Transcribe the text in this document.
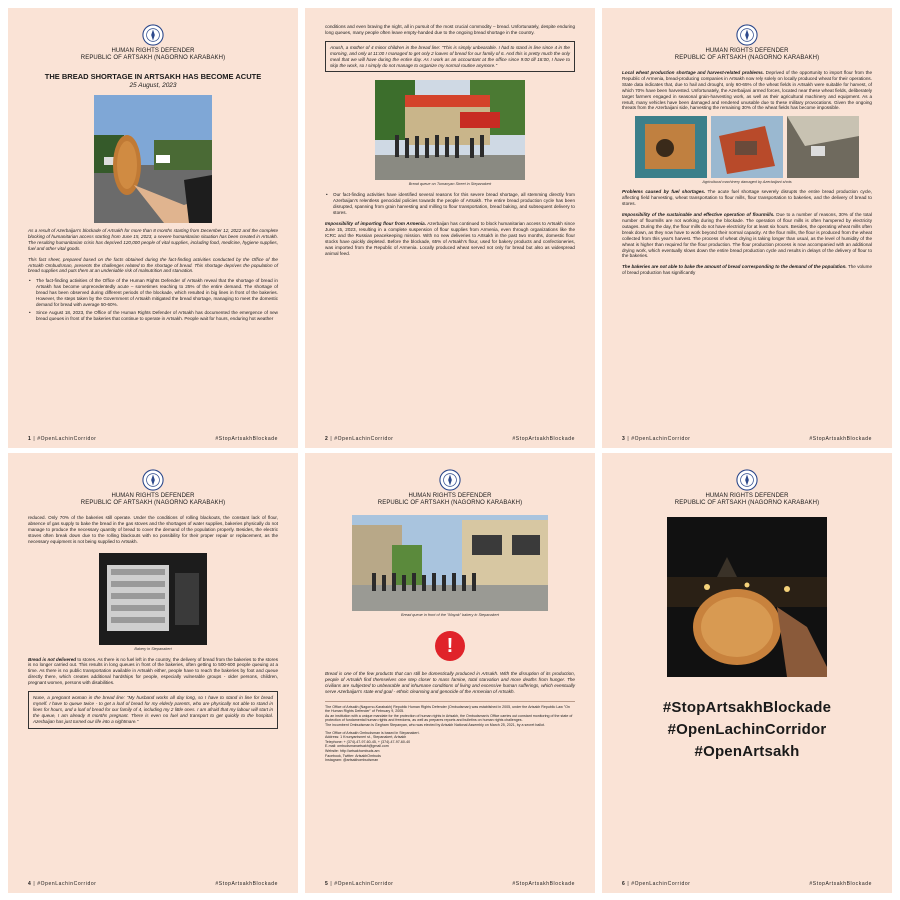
HUMAN RIGHTS DEFENDER
REPUBLIC OF ARTSAKH (NAGORNO KARABAKH)
THE BREAD SHORTAGE IN ARTSAKH HAS BECOME ACUTE
25 August, 2023
As a result of Azerbaijan's blockade of Artsakh for more than 8 months starting from December 12, 2022 and the complete blocking of humanitarian access starting from June 15, 2023, a severe humanitarian situation has been created in Artsakh. The resulting humanitarian crisis has deprived 120,000 people of vital supplies, including food, medicine, hygiene supplies, fuel and other vital goods.
This fact sheet, prepared based on the facts obtained during the fact-finding activities conducted by the Office of the Artsakh Ombudsman, presents the challenges related to the shortage of bread. This shortage deprives the population of bread supplies and puts them at an undeniable risk of malnutrition and starvation.
• The fact-finding activities of the Office of the Human Rights Defender of Artsakh reveal that the shortage of bread in Artsakh has become unprecedentedly acute – sometimes reaching to 25% of the entire demand. The shortage of bread has been observed during different periods of the blockade, which resulted in big lines in front of the bakeries. However, the steps taken by the Government of Artsakh mitigated the bread shortage, managing to meet the domestic demand for bread with average 50-60%.
• Since August 18, 2023, the Office of the Human Rights Defender of Artsakh has documented the emergence of new bread queues in front of the bakeries that continue to operate in Artsakh. People wait for hours, enduring hot weather
1 | #OpenLachinCorridor	#StopArtsakhBlockade
conditions and even braving the night, all in pursuit of the most crucial commodity – bread. Unfortunately, despite enduring long queues, many people often leave empty-handed due to the ongoing bread shortage in the country.
Anush, a mother of 4 minor children in the bread line: "This is simply unbearable. I had to stand in line since 4 in the morning, and only at 11:00 I managed to get only 2 loaves of bread for our family of 6. And this is pretty much the only meal that we will have during the entire day. As I work as an accountant at the office since 9:00 till 18:00, I have to skip the work, so I simply do not manage to organize my normal routine anymore."
Bread queue on Tumanyan Street in Stepanakert
• Our fact-finding activities have identified several reasons for this severe bread shortage, all stemming directly from Azerbaijan's relentless genocidal policies towards the people of Artsakh. The entire bread production cycle has been disrupted, spanning from grain harvesting and milling to flour transportation, bread baking, and subsequent delivery to stores.
Impossibility of importing flour from Armenia. Azerbaijan has continued to block humanitarian access to Artsakh since June 15, 2023, resulting in a complete suspension of flour supplies from Armenia, even through organizations like the ICRC and the Russian peacekeeping mission. With no new deliveries to Artsakh in the past two months, domestic flour stocks have quickly depleted. Before the blockade, 65% of Artsakh's flour, used for bakery products and confectioneries, was imported from the Republic of Armenia. Locally produced wheat served not only for bread but also as widespread animal feed.
2 | #OpenLachinCorridor	#StopArtsakhBlockade
HUMAN RIGHTS DEFENDER
REPUBLIC OF ARTSAKH (NAGORNO KARABAKH)
Local wheat production shortage and harvest-related problems. Deprived of the opportunity to import flour from the Republic of Armenia, bread-producing companies in Artsakh now rely solely on locally produced wheat for their operations. State data indicates that, due to hail and drought, only 60-65% of the wheat fields in Artsakh were suitable for harvest, of which 70% have been harvested. Unfortunately, the Azerbaijani armed forces, located near these wheat fields, deliberately target farmers engaged in seasonal grain-harvesting work, as well as their agricultural machinery and equipment. As a result, many vehicles have been damaged and rendered unusable due to these military provocations. Given the ongoing threats from the Azerbaijani side, harvesting the remaining 30% of the wheat fields has become impossible.
Agricultural machinery damaged by Azerbaijani shots
Problems caused by fuel shortages. The acute fuel shortage severely disrupts the entire bread production cycle, affecting field harvesting, wheat transportation to flour mills, flour transportation to bakeries, and the delivery of bread to stores.
Impossibility of the sustainable and effective operation of flourmills. Due to a number of reasons, 30% of the total number of flourmills are not working during the blockade. The operation of flour mills is often hampered by electricity outages. During the day, the flour mills do not have electricity for at least six hours. Besides, the operating wheat mills often break down, as they now have to work beyond their normal capacity. At the flour mills, the flour is produced from the wheat collected from this year's harvest. The process of wheat drying is taking longer than usual, as the level of humidity of the wheat is higher than required for the flour production. The flour production process is now accompanied with an additional drying work, which eventually slows down the entire bread production cycle and results in delays of the delivery of flour to the bakeries.
The bakeries are not able to bake the amount of bread corresponding to the demand of the population. The volume of bread production has significantly
3 | #OpenLachinCorridor	#StopArtsakhBlockade
HUMAN RIGHTS DEFENDER
REPUBLIC OF ARTSAKH (NAGORNO KARABAKH)
reduced. Only 70% of the bakeries still operate. Under the conditions of rolling blackouts, the constant lack of flour, absence of gas supply to bake the bread in the gas stoves and the shortages of water supplies, bakeries physically do not manage to produce the necessary quantity of bread to cover the demand of the population properly. Besides, the electric stoves often break down due to the rolling blackouts with no possibility for their proper repair or replacement, as the necessary equipment is not being supplied to Artsakh.
Bakery in Stepanakert
Bread is not delivered to stores. As there is no fuel left in the country, the delivery of bread from the bakeries to the stores is no longer carried out. This results in long queues in front of the bakeries, often getting to 500-600 people queuing at a time. As there is no public transportation available in Artsakh either, people have to reach the bakeries by foot and queue directly there, which creates additional hardships for people, especially vulnerable groups - older persons, children, pregnant women, persons with disabilities.
Nune, a pregnant woman in the bread line: "My husband works all day long, so I have to stand in line for bread myself. I have to queue twice - to get a loaf of bread for my elderly parents, who are physically not able to stand in lines for hours, and a loaf of bread for our family of 4, including my 2 little ones. I am afraid that my labour will start in the queue, I am already 8 months pregnant. There is even no fuel and transport to get quickly to the hospital. Azerbaijan has just turned our life into a nightmare."
4 | #OpenLachinCorridor	#StopArtsakhBlockade
HUMAN RIGHTS DEFENDER
REPUBLIC OF ARTSAKH (NAGORNO KARABAKH)
Bread queue in front of the "Mayak" bakery in Stepanakert
!
Bread is one of the few products that can still be domestically produced in Artsakh. With the disruption of its production, people of Artsakh find themselves one step closer to mass famine, total starvation and more deaths from hunger. The civilians are subjected to unbearable and inhumane conditions of living and excessive human sufferings, which eventually serve Azerbaijan's state end goal - ethnic cleansing and genocide of the Armenian of Artsakh.
The Office of Artsakh (Nagorno-Karabakh) Republic Human Rights Defender (Ombudsman) was established in 2005, under the Artsakh Republic Law "On the Human Rights Defender" of February 9, 2005.
As an institution with a unique mandate for the protection of human rights in Artsakh, the Ombudsman's Office carries out constant monitoring of the state of protection of fundamental human rights and freedoms, as well as prepares reports and bulletins on human rights challenges.
The incumbent Ombudsman is Gegham Stepanyan, who was elected by Artsakh National Assembly on March 25, 2021, by a secret ballot.
The Office of Artsakh Ombudsman is based in Stepanakert.
Address: 1 Knunyantsneri st., Stepanakert, Artsakh
Telephone: + (374)-47-97-60-45, + (374)-47-97-60-40
E-mail: ombudsmanartsakh@gmail.com
Website: http://artsakhombuds.am
Facebook, Twitter: ArtsakhOmbuds
Instagram: @artsakhombudsman
5 | #OpenLachinCorridor	#StopArtsakhBlockade
HUMAN RIGHTS DEFENDER
REPUBLIC OF ARTSAKH (NAGORNO KARABAKH)
#StopArtsakhBlockade
#OpenLachinCorridor
#OpenArtsakh
6 | #OpenLachinCorridor	#StopArtsakhBlockade
